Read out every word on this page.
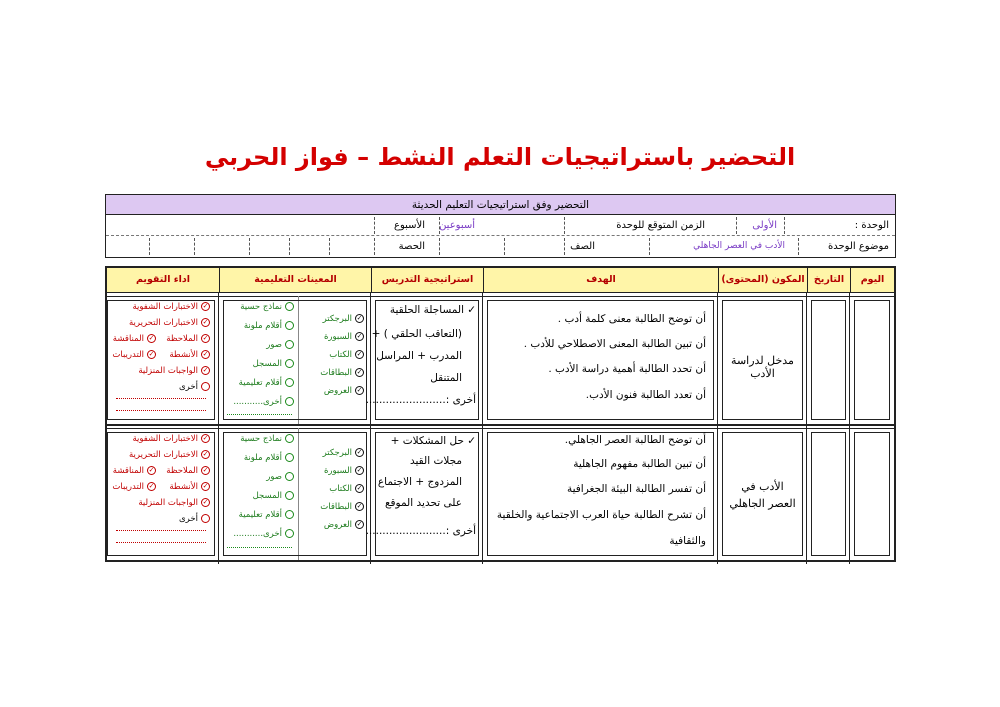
التحضير باستراتيجيات التعلم النشط – فواز الحربي
التحضير وفق استراتيجيات التعليم الحديثة
الوحدة :
الأولى
الزمن المتوقع للوحدة
أسبوعين
الأسبوع
موضوع الوحدة
الأدب في العصر الجاهلي
الصف
الحصة
اليوم
التاريخ
المكون (المحتوى)
الهدف
استراتيجية التدريس
المعينات التعليمية
اداء التقويم
مدخل لدراسة الأدب
أن توضح الطالبة معنى كلمة أدب .
أن تبين الطالبة المعنى الاصطلاحي للأدب .
أن تحدد الطالبة أهمية دراسة الأدب .
أن تعدد الطالبة فنون الأدب.
✓المساجلة الحلقية
(التعاقب الحلقي ) +
المدرب + المراسل
المتنقل
أخرى :........................
✓البرجكتر
✓السبورة
✓الكتاب
✓البطاقات
✓العروض
نماذج حسية
أقلام ملونة
صور
المسجل
أقلام تعليمية
أخرى...........
✓الاختبارات الشفوية
✓الاختبارات التحريرية
✓الملاحظة
✓المناقشة
✓الأنشطة
✓التدريبات
✓الواجبات المنزلية
أخرى
الأدب في العصر الجاهلي
أن توضح الطالبة العصر الجاهلي.
أن تبين الطالبة مفهوم الجاهلية
أن تفسر الطالبة البيئة الجغرافية
أن تشرح الطالبة حياة العرب الاجتماعية والخلقية
والثقافية
✓حل المشكلات +
مجلات القيد
المزدوج + الاجتماع
على تحديد الموقع
أخرى :........................
✓البرجكتر
✓السبورة
✓الكتاب
✓البطاقات
✓العروض
نماذج حسية
أقلام ملونة
صور
المسجل
أقلام تعليمية
أخرى...........
✓الاختبارات الشفوية
✓الاختبارات التحريرية
✓الملاحظة
✓المناقشة
✓الأنشطة
✓التدريبات
✓الواجبات المنزلية
أخرى
